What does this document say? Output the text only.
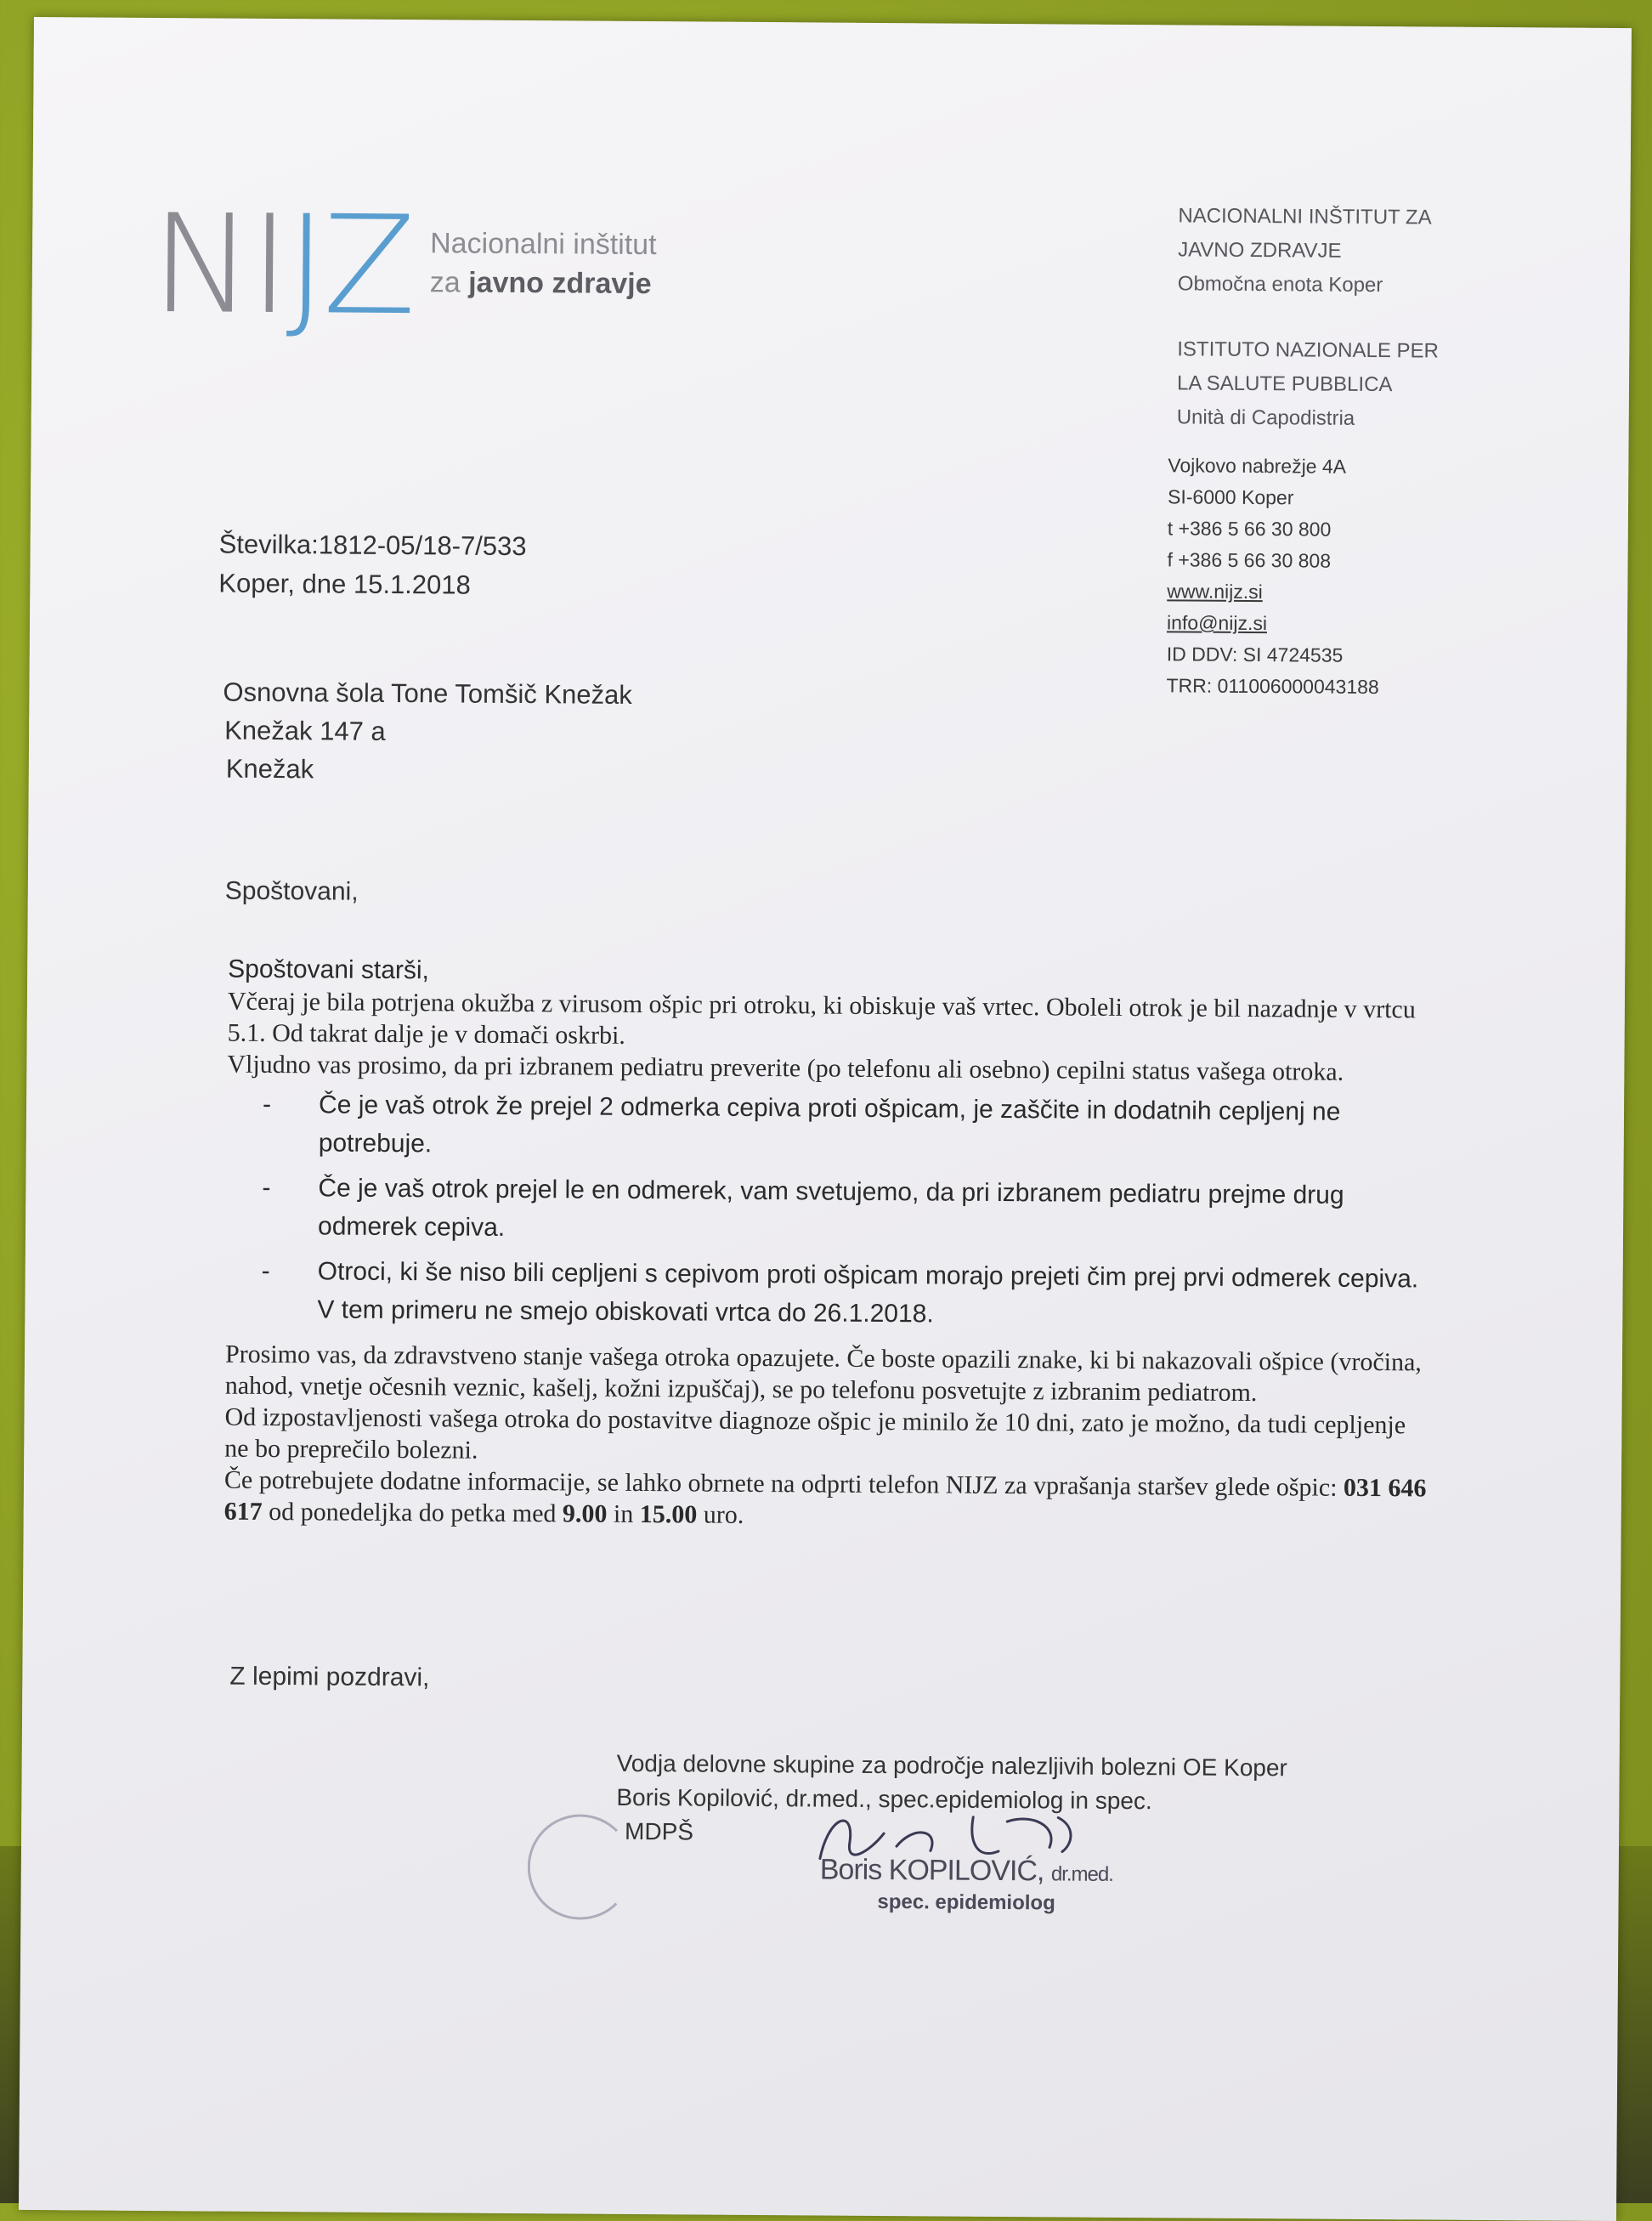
NIJZ Nacionalni inštitut
za javno zdravje
NACIONALNI INŠTITUT ZA
JAVNO ZDRAVJE
Območna enota Koper
ISTITUTO NAZIONALE PER
LA SALUTE PUBBLICA
Unità di Capodistria
Vojkovo nabrežje 4A
SI-6000 Koper
t +386 5 66 30 800
f +386 5 66 30 808
www.nijz.si
info@nijz.si
ID DDV: SI 4724535
TRR: 011006000043188
Številka:1812-05/18-7/533
Koper, dne 15.1.2018
Osnovna šola Tone Tomšič Knežak
Knežak 147 a
Knežak
Spoštovani,

Spoštovani starši,

Včeraj je bila potrjena okužba z virusom ošpic pri otroku, ki obiskuje vaš vrtec. Oboleli otrok je bil nazadnje v vrtcu 5.1. Od takrat dalje je v domači oskrbi.

Vljudno vas prosimo, da pri izbranem pediatru preverite (po telefonu ali osebno) cepilni status vašega otroka.

- Če je vaš otrok že prejel 2 odmerka cepiva proti ošpicam, je zaščite in dodatnih cepljenj ne potrebuje.
- Če je vaš otrok prejel le en odmerek, vam svetujemo, da pri izbranem pediatru prejme drug odmerek cepiva.
- Otroci, ki še niso bili cepljeni s cepivom proti ošpicam morajo prejeti čim prej prvi odmerek cepiva. V tem primeru ne smejo obiskovati vrtca do 26.1.2018.

Prosimo vas, da zdravstveno stanje vašega otroka opazujete. Če boste opazili znake, ki bi nakazovali ošpice (vročina, nahod, vnetje očesnih veznic, kašelj, kožni izpuščaj), se po telefonu posvetujte z izbranim pediatrom.

Od izpostavljenosti vašega otroka do postavitve diagnoze ošpic je minilo že 10 dni, zato je možno, da tudi cepljenje ne bo preprečilo bolezni.

Če potrebujete dodatne informacije, se lahko obrnete na odprti telefon NIJZ za vprašanja staršev glede ošpic: 031 646 617 od ponedeljka do petka med 9.00 in 15.00 uro.

Z lepimi pozdravi,
Vodja delovne skupine za področje nalezljivih bolezni OE Koper
Boris Kopilović, dr.med., spec.epidemiolog in spec.
MDPŠ
Boris KOPILOVIĆ, dr.med.
spec. epidemiolog
